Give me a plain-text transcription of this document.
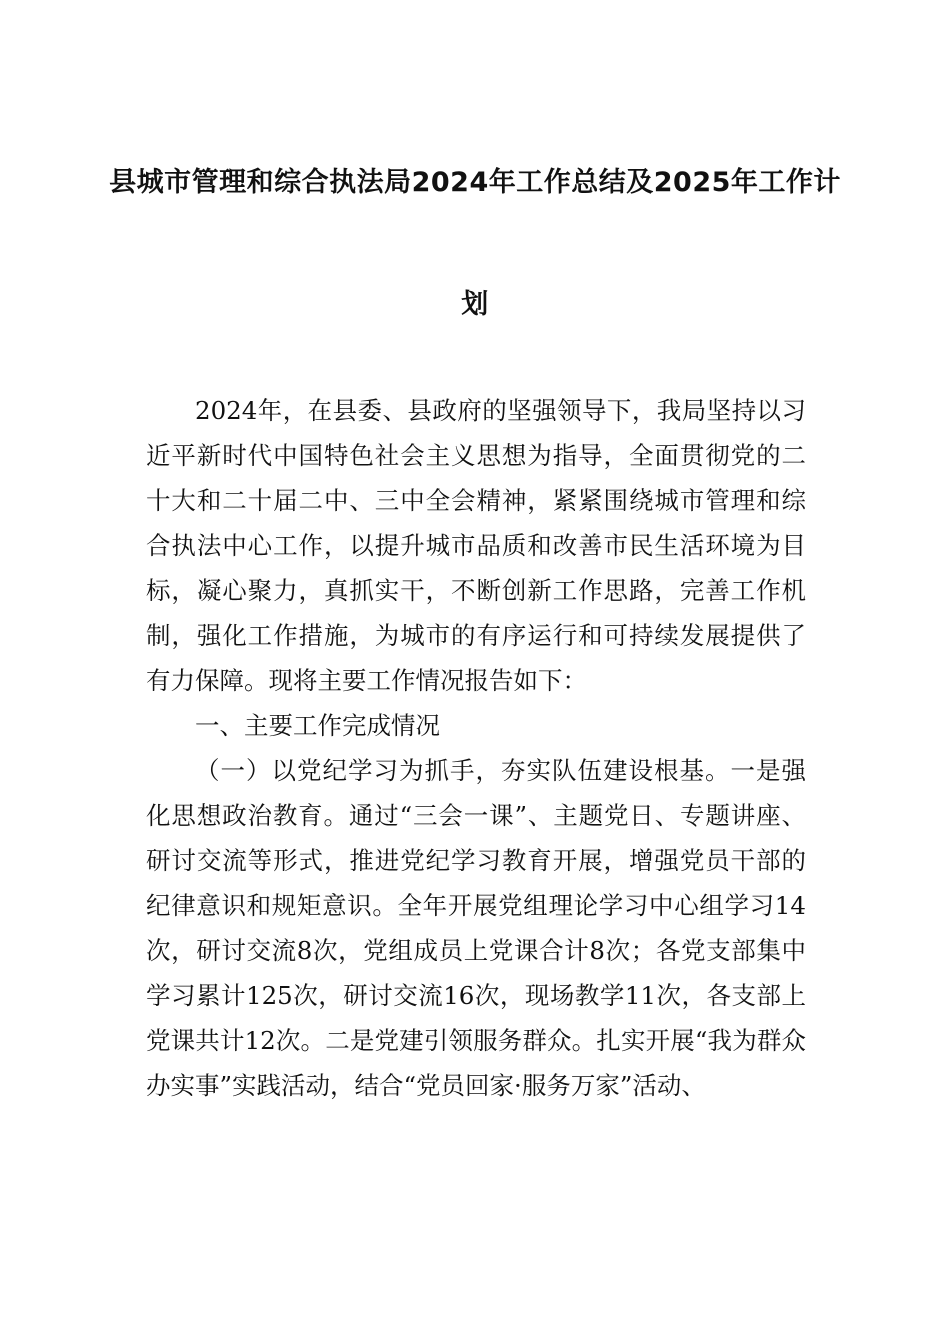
县城市管理和综合执法局2024年工作总结及2025年工作计
划

2024年，在县委、县政府的坚强领导下，我局坚持以习近平新时代中国特色社会主义思想为指导，全面贯彻党的二十大和二十届二中、三中全会精神，紧紧围绕城市管理和综合执法中心工作，以提升城市品质和改善市民生活环境为目标，凝心聚力，真抓实干，不断创新工作思路，完善工作机制，强化工作措施，为城市的有序运行和可持续发展提供了有力保障。现将主要工作情况报告如下：

一、主要工作完成情况

（一）以党纪学习为抓手，夯实队伍建设根基。一是强化思想政治教育。通过“三会一课”、主题党日、专题讲座、研讨交流等形式，推进党纪学习教育开展，增强党员干部的纪律意识和规矩意识。全年开展党组理论学习中心组学习14次，研讨交流8次，党组成员上党课合计8次；各党支部集中学习累计125次，研讨交流16次，现场教学11次，各支部上党课共计12次。二是党建引领服务群众。扎实开展“我为群众办实事”实践活动，结合“党员回家·服务万家”活动、
